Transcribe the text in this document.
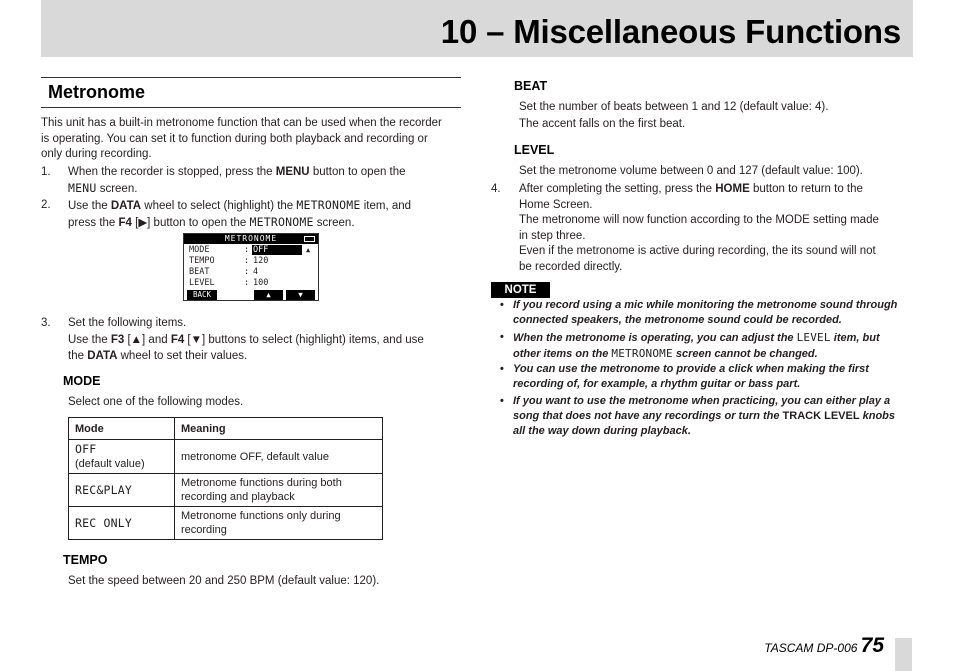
10 – Miscellaneous Functions
Metronome
This unit has a built-in metronome function that can be used when the recorder is operating. You can set it to function during both playback and recording or only during recording.
1. When the recorder is stopped, press the MENU button to open the
MENU screen.
2. Use the DATA wheel to select (highlight) the METRONOME item, and
press the F4 [▶] button to open the METRONOME screen.
METRONOME
MODE	: OFF	▲
TEMPO	: 120
BEAT	: 4
LEVEL	: 100
BACK	▲	▼
3. Set the following items.
Use the F3 [▲] and F4 [▼] buttons to select (highlight) items, and use
the DATA wheel to set their values.
MODE
Select one of the following modes.
Mode	Meaning
OFF
(default value)	metronome OFF, default value
REC&PLAY	Metronome functions during both recording and playback
REC ONLY	Metronome functions only during recording
TEMPO
Set the speed between 20 and 250 BPM (default value: 120).
BEAT
Set the number of beats between 1 and 12 (default value: 4).
The accent falls on the first beat.
LEVEL
Set the metronome volume between 0 and 127 (default value: 100).
4. After completing the setting, press the HOME button to return to the
Home Screen.
The metronome will now function according to the MODE setting made
in step three.
Even if the metronome is active during recording, the its sound will not
be recorded directly.
NOTE
• If you record using a mic while monitoring the metronome sound through connected speakers, the metronome sound could be recorded.
• When the metronome is operating, you can adjust the LEVEL item, but other items on the METRONOME screen cannot be changed.
• You can use the metronome to provide a click when making the first recording of, for example, a rhythm guitar or bass part.
• If you want to use the metronome when practicing, you can either play a song that does not have any recordings or turn the TRACK LEVEL knobs all the way down during playback.
TASCAM DP-006 75
